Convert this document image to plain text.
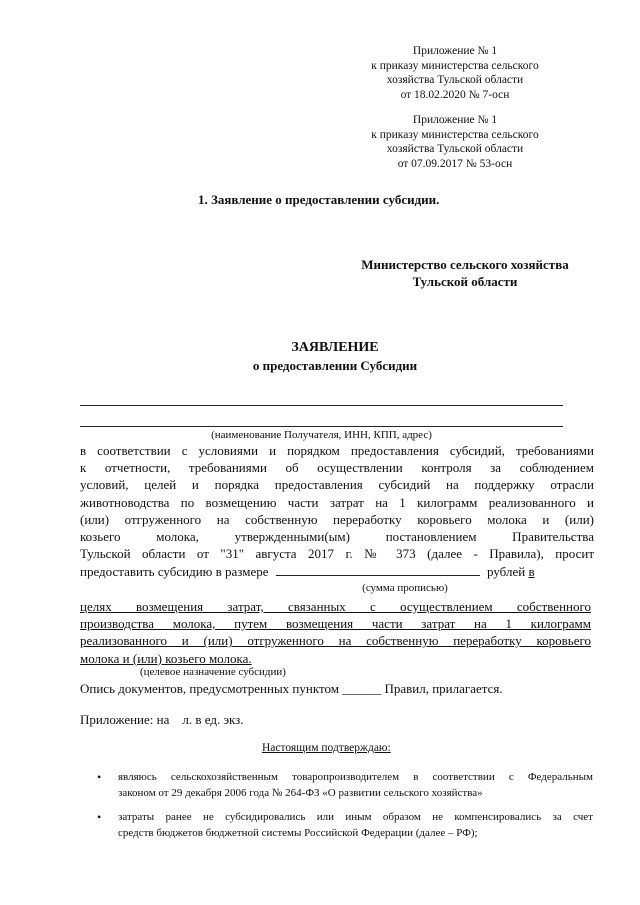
Приложение № 1
к приказу министерства сельского
хозяйства Тульской области
от 18.02.2020 № 7-осн
Приложение № 1
к приказу министерства сельского
хозяйства Тульской области
от 07.09.2017 № 53-осн
1. Заявление о предоставлении субсидии.
Министерство сельского хозяйства
Тульской области
ЗАЯВЛЕНИЕ
о предоставлении Субсидии
(наименование Получателя, ИНН, КПП, адрес)
в соответствии с условиями и порядком предоставления субсидий, требованиями
к отчетности, требованиями об осуществлении контроля за соблюдением
условий, целей и порядка предоставления субсидий на поддержку отрасли
животноводства по возмещению части затрат на 1 килограмм реализованного и
(или) отгруженного на собственную переработку коровьего молока и (или)
козьего молока, утвержденными(ым) постановлением Правительства
Тульской области от "31" августа 2017 г. № 373 (далее - Правила), просит
предоставить субсидию в размере	рублей в
(сумма прописью)
целях возмещения затрат, связанных с осуществлением собственного
производства молока, путем возмещения части затрат на 1 килограмм
реализованного и (или) отгруженного на собственную переработку коровьего
молока и (или) козьего молока.
(целевое назначение субсидии)
Опись документов, предусмотренных пунктом ______ Правил, прилагается.
Приложение: на    л. в ед. экз.
Настоящим подтверждаю:
• являюсь сельскохозяйственным товаропроизводителем в соответствии с Федеральным
законом от 29 декабря 2006 года № 264-ФЗ «О развитии сельского хозяйства»
• затраты ранее не субсидировались или иным образом не компенсировались за счет
средств бюджетов бюджетной системы Российской Федерации (далее – РФ);
